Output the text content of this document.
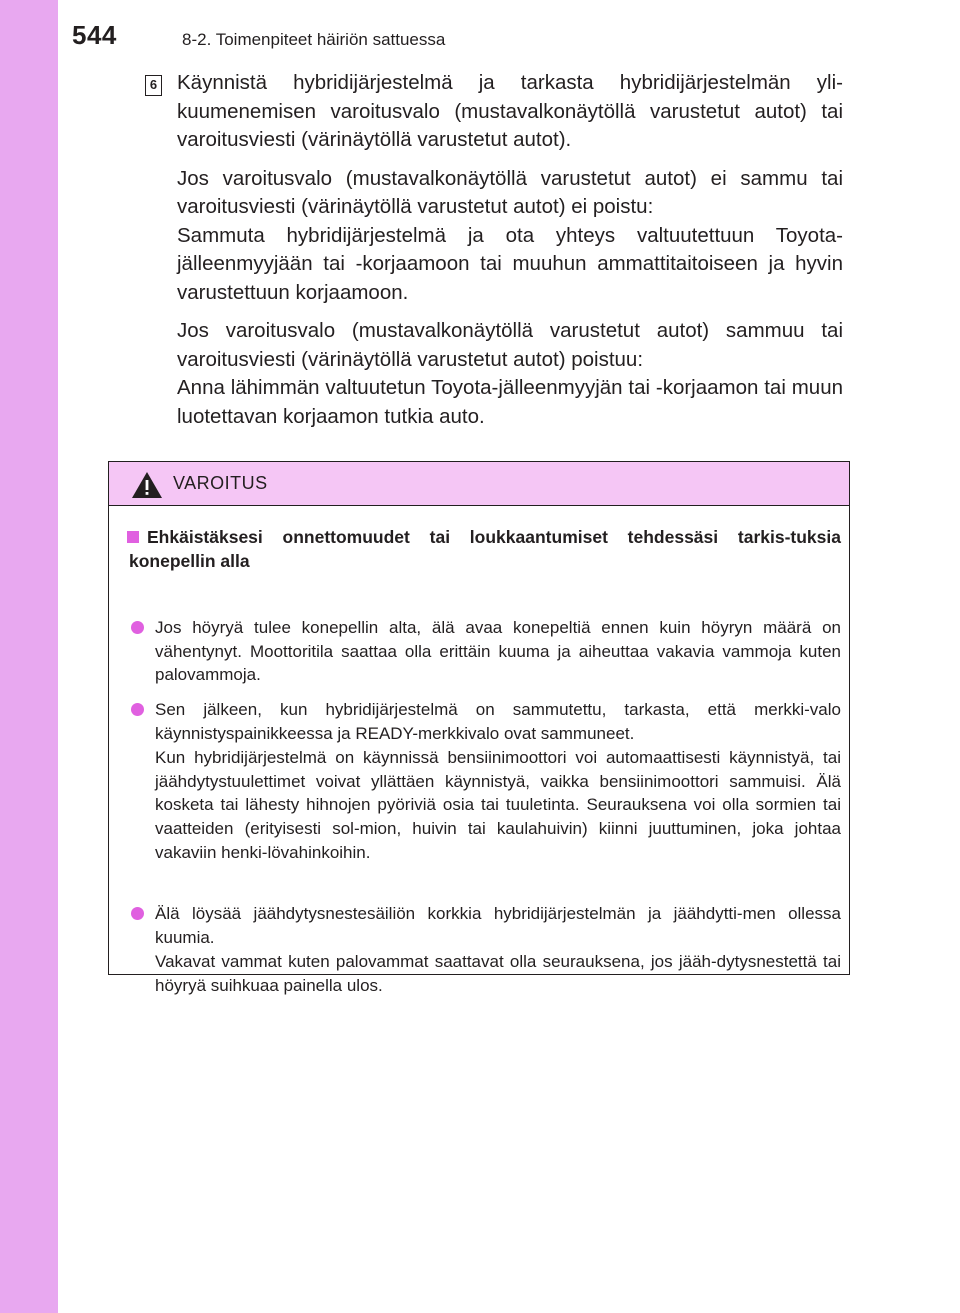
544	8-2. Toimenpiteet häiriön sattuessa
6 Käynnistä hybridijärjestelmä ja tarkasta hybridijärjestelmän yli-kuumenemisen varoitusvalo (mustavalkonäytöllä varustetut autot) tai varoitusviesti (värinäytöllä varustetut autot).

Jos varoitusvalo (mustavalkonäytöllä varustetut autot) ei sammu tai varoitusviesti (värinäytöllä varustetut autot) ei poistu:

Sammuta hybridijärjestelmä ja ota yhteys valtuutettuun Toyota-jälleenmyyjään tai -korjaamoon tai muuhun ammattitaitoiseen ja hyvin varustettuun korjaamoon.

Jos varoitusvalo (mustavalkonäytöllä varustetut autot) sammuu tai varoitusviesti (värinäytöllä varustetut autot) poistuu:

Anna lähimmän valtuutetun Toyota-jälleenmyyjän tai -korjaamon tai muun luotettavan korjaamon tutkia auto.

VAROITUS
Ehkäistäksesi onnettomuudet tai loukkaantumiset tehdessäsi tarkis-tuksia konepellin alla
Jos höyryä tulee konepellin alta, älä avaa konepeltiä ennen kuin höyryn määrä on vähentynyt. Moottoritila saattaa olla erittäin kuuma ja aiheuttaa vakavia vammoja kuten palovammoja.
Sen jälkeen, kun hybridijärjestelmä on sammutettu, tarkasta, että merkki-valo käynnistyspainikkeessa ja READY-merkkivalo ovat sammuneet.
Kun hybridijärjestelmä on käynnissä bensiinimoottori voi automaattisesti käynnistyä, tai jäähdytystuulettimet voivat yllättäen käynnistyä, vaikka bensiinimoottori sammuisi. Älä kosketa tai lähesty hihnojen pyöriviä osia tai tuuletinta. Seurauksena voi olla sormien tai vaatteiden (erityisesti sol-mion, huivin tai kaulahuivin) kiinni juuttuminen, joka johtaa vakaviin henki-lövahinkoihin.
Älä löysää jäähdytysnestesäiliön korkkia hybridijärjestelmän ja jäähdytti-men ollessa kuumia.
Vakavat vammat kuten palovammat saattavat olla seurauksena, jos jääh-dytysnestettä tai höyryä suihkuaa painella ulos.
